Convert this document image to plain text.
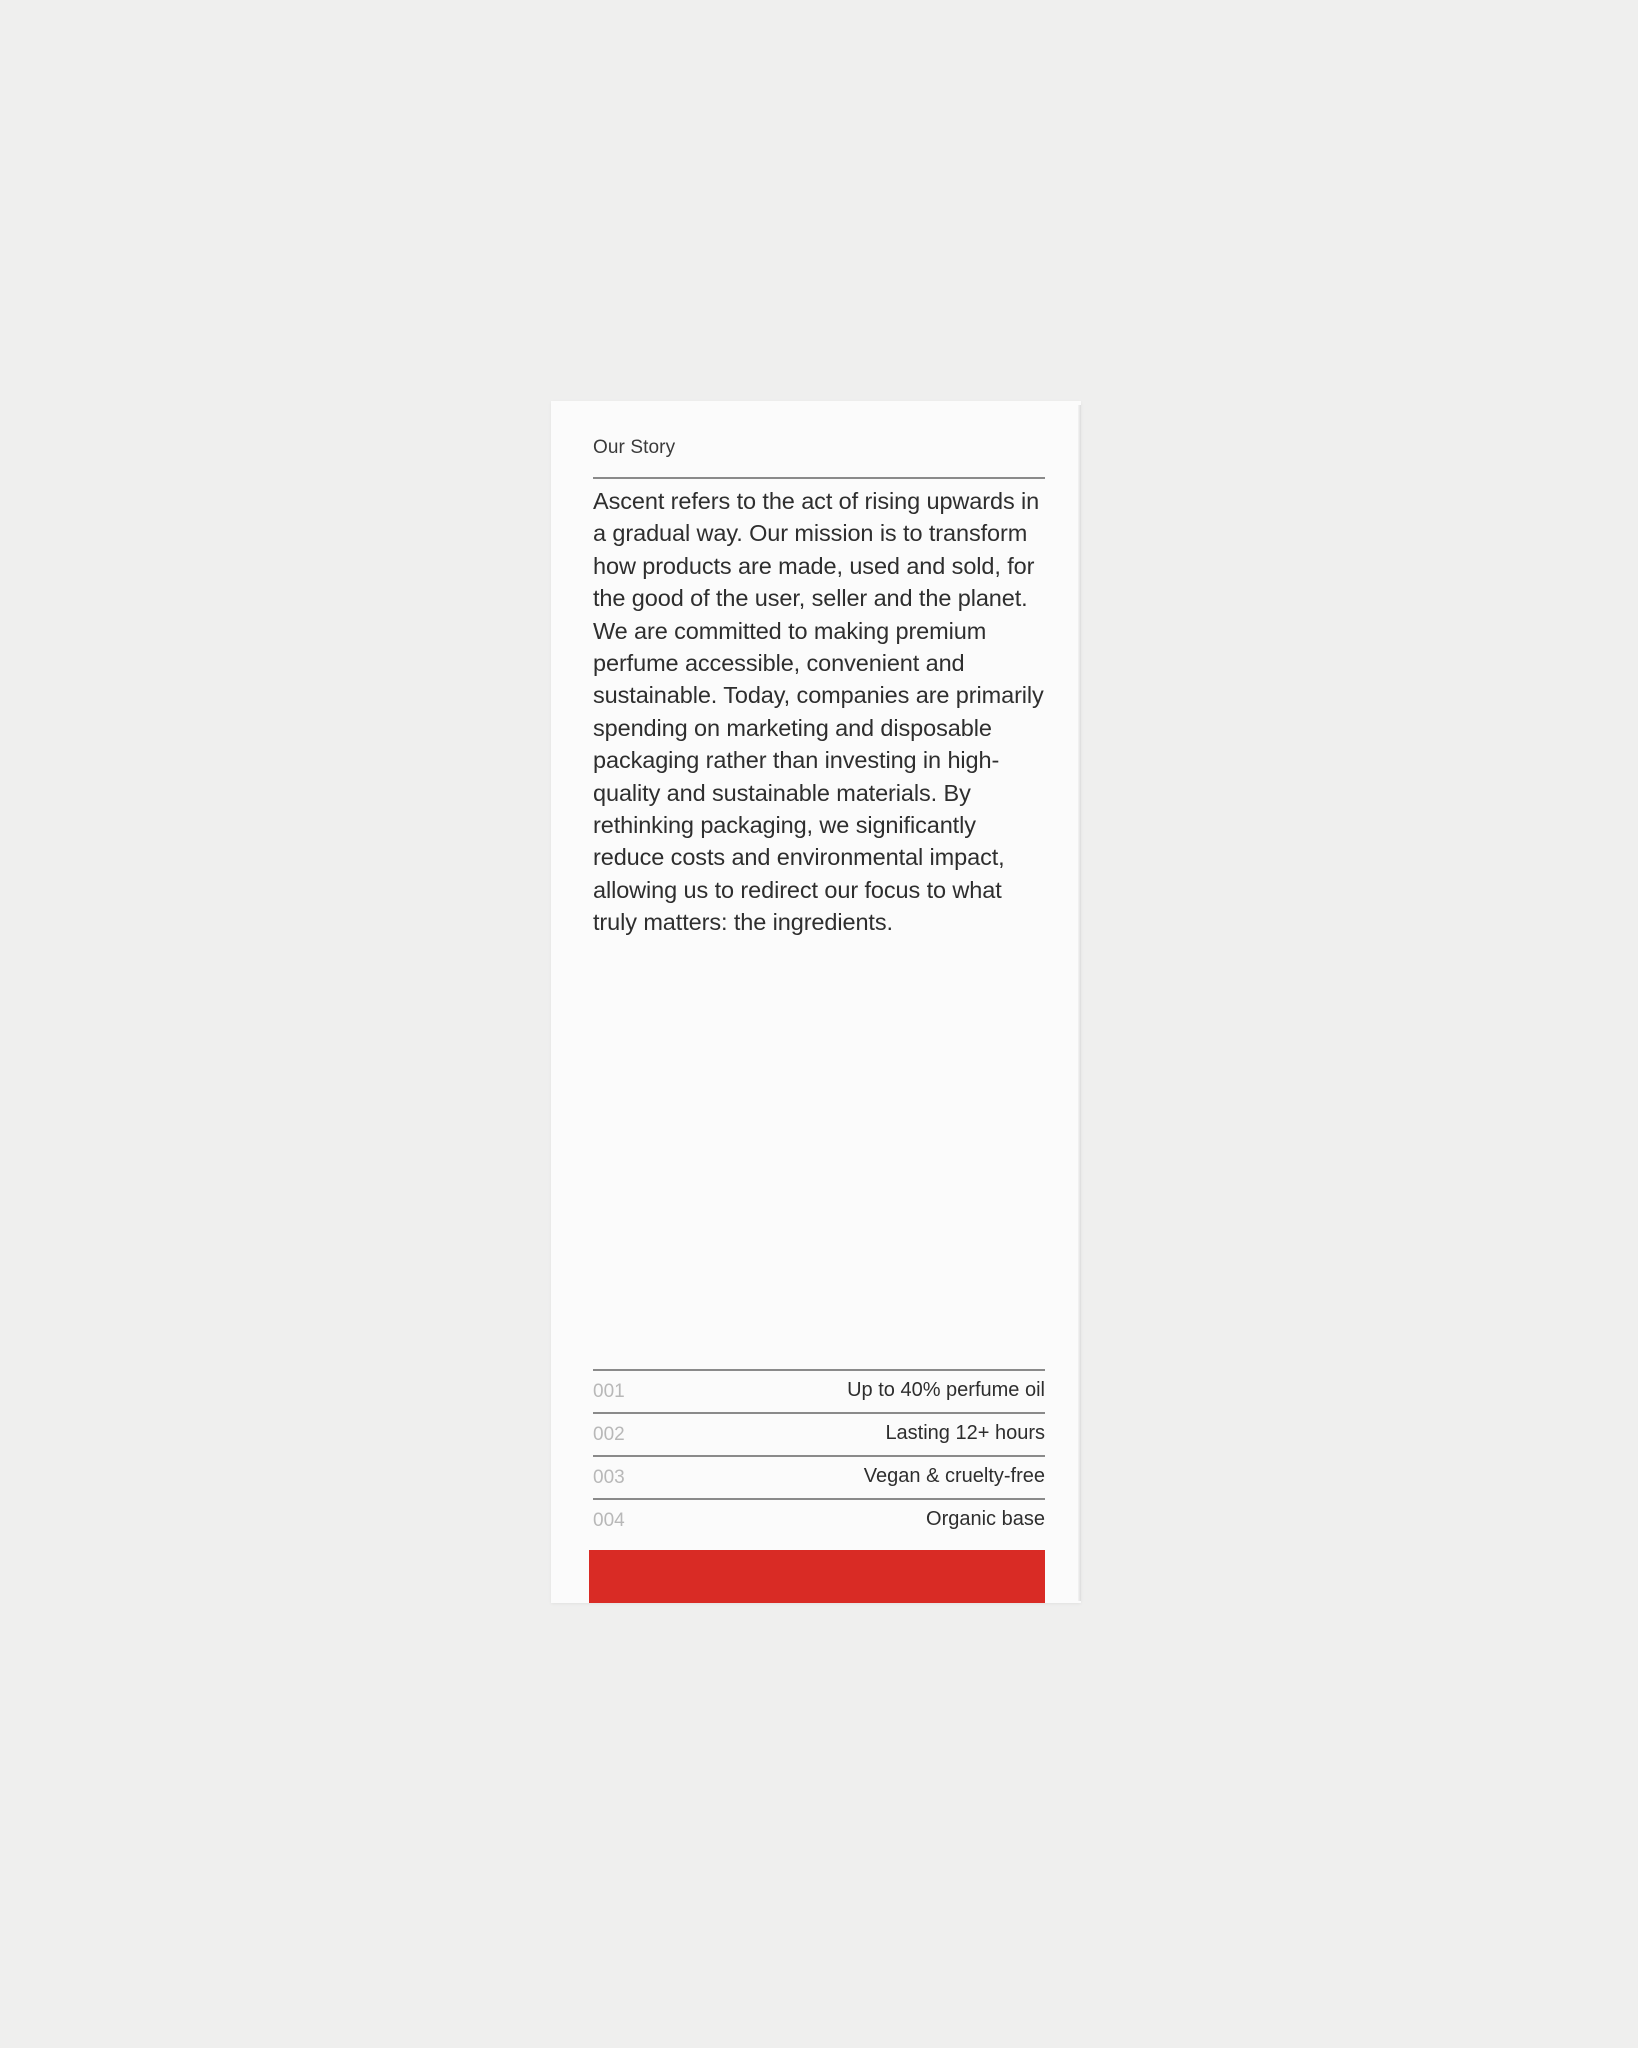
Our Story

Ascent refers to the act of rising upwards in a gradual way. Our mission is to transform how products are made, used and sold, for the good of the user, seller and the planet. We are committed to making premium perfume accessible, convenient and sustainable. Today, companies are primarily spending on marketing and disposable packaging rather than investing in high-quality and sustainable materials. By rethinking packaging, we significantly reduce costs and environmental impact, allowing us to redirect our focus to what truly matters: the ingredients.

001	Up to 40% perfume oil
002	Lasting 12+ hours
003	Vegan & cruelty-free
004	Organic base
